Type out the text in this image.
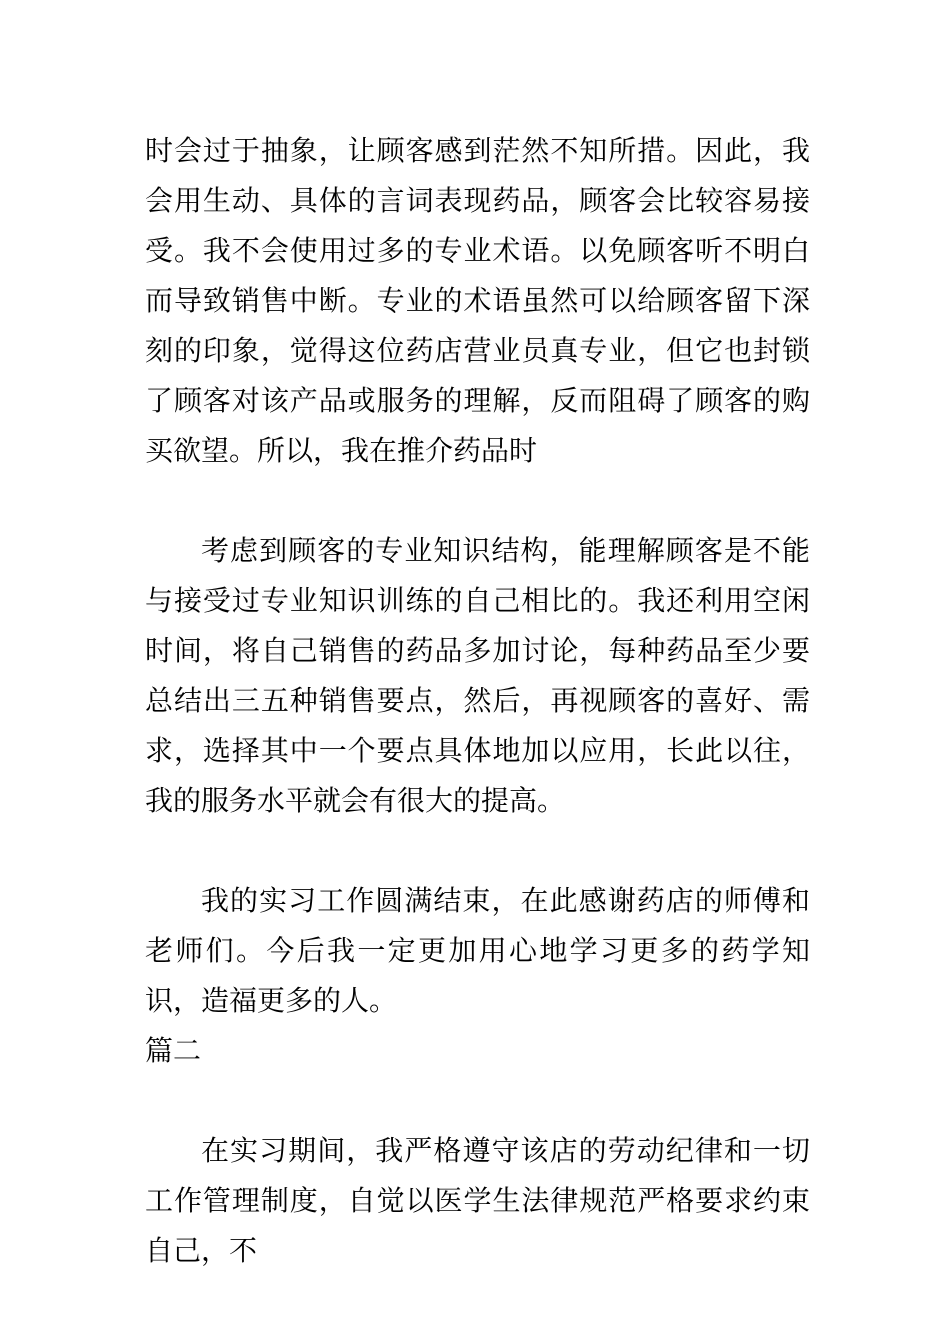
时会过于抽象，让顾客感到茫然不知所措。因此，我会用生动、具体的言词表现药品，顾客会比较容易接受。我不会使用过多的专业术语。以免顾客听不明白而导致销售中断。专业的术语虽然可以给顾客留下深刻的印象，觉得这位药店营业员真专业，但它也封锁了顾客对该产品或服务的理解，反而阻碍了顾客的购买欲望。所以，我在推介药品时

考虑到顾客的专业知识结构，能理解顾客是不能与接受过专业知识训练的自己相比的。我还利用空闲时间，将自己销售的药品多加讨论，每种药品至少要总结出三五种销售要点，然后，再视顾客的喜好、需求，选择其中一个要点具体地加以应用，长此以往，我的服务水平就会有很大的提高。

我的实习工作圆满结束，在此感谢药店的师傅和老师们。今后我一定更加用心地学习更多的药学知识，造福更多的人。

篇二

在实习期间，我严格遵守该店的劳动纪律和一切工作管理制度，自觉以医学生法律规范严格要求约束自己，不
